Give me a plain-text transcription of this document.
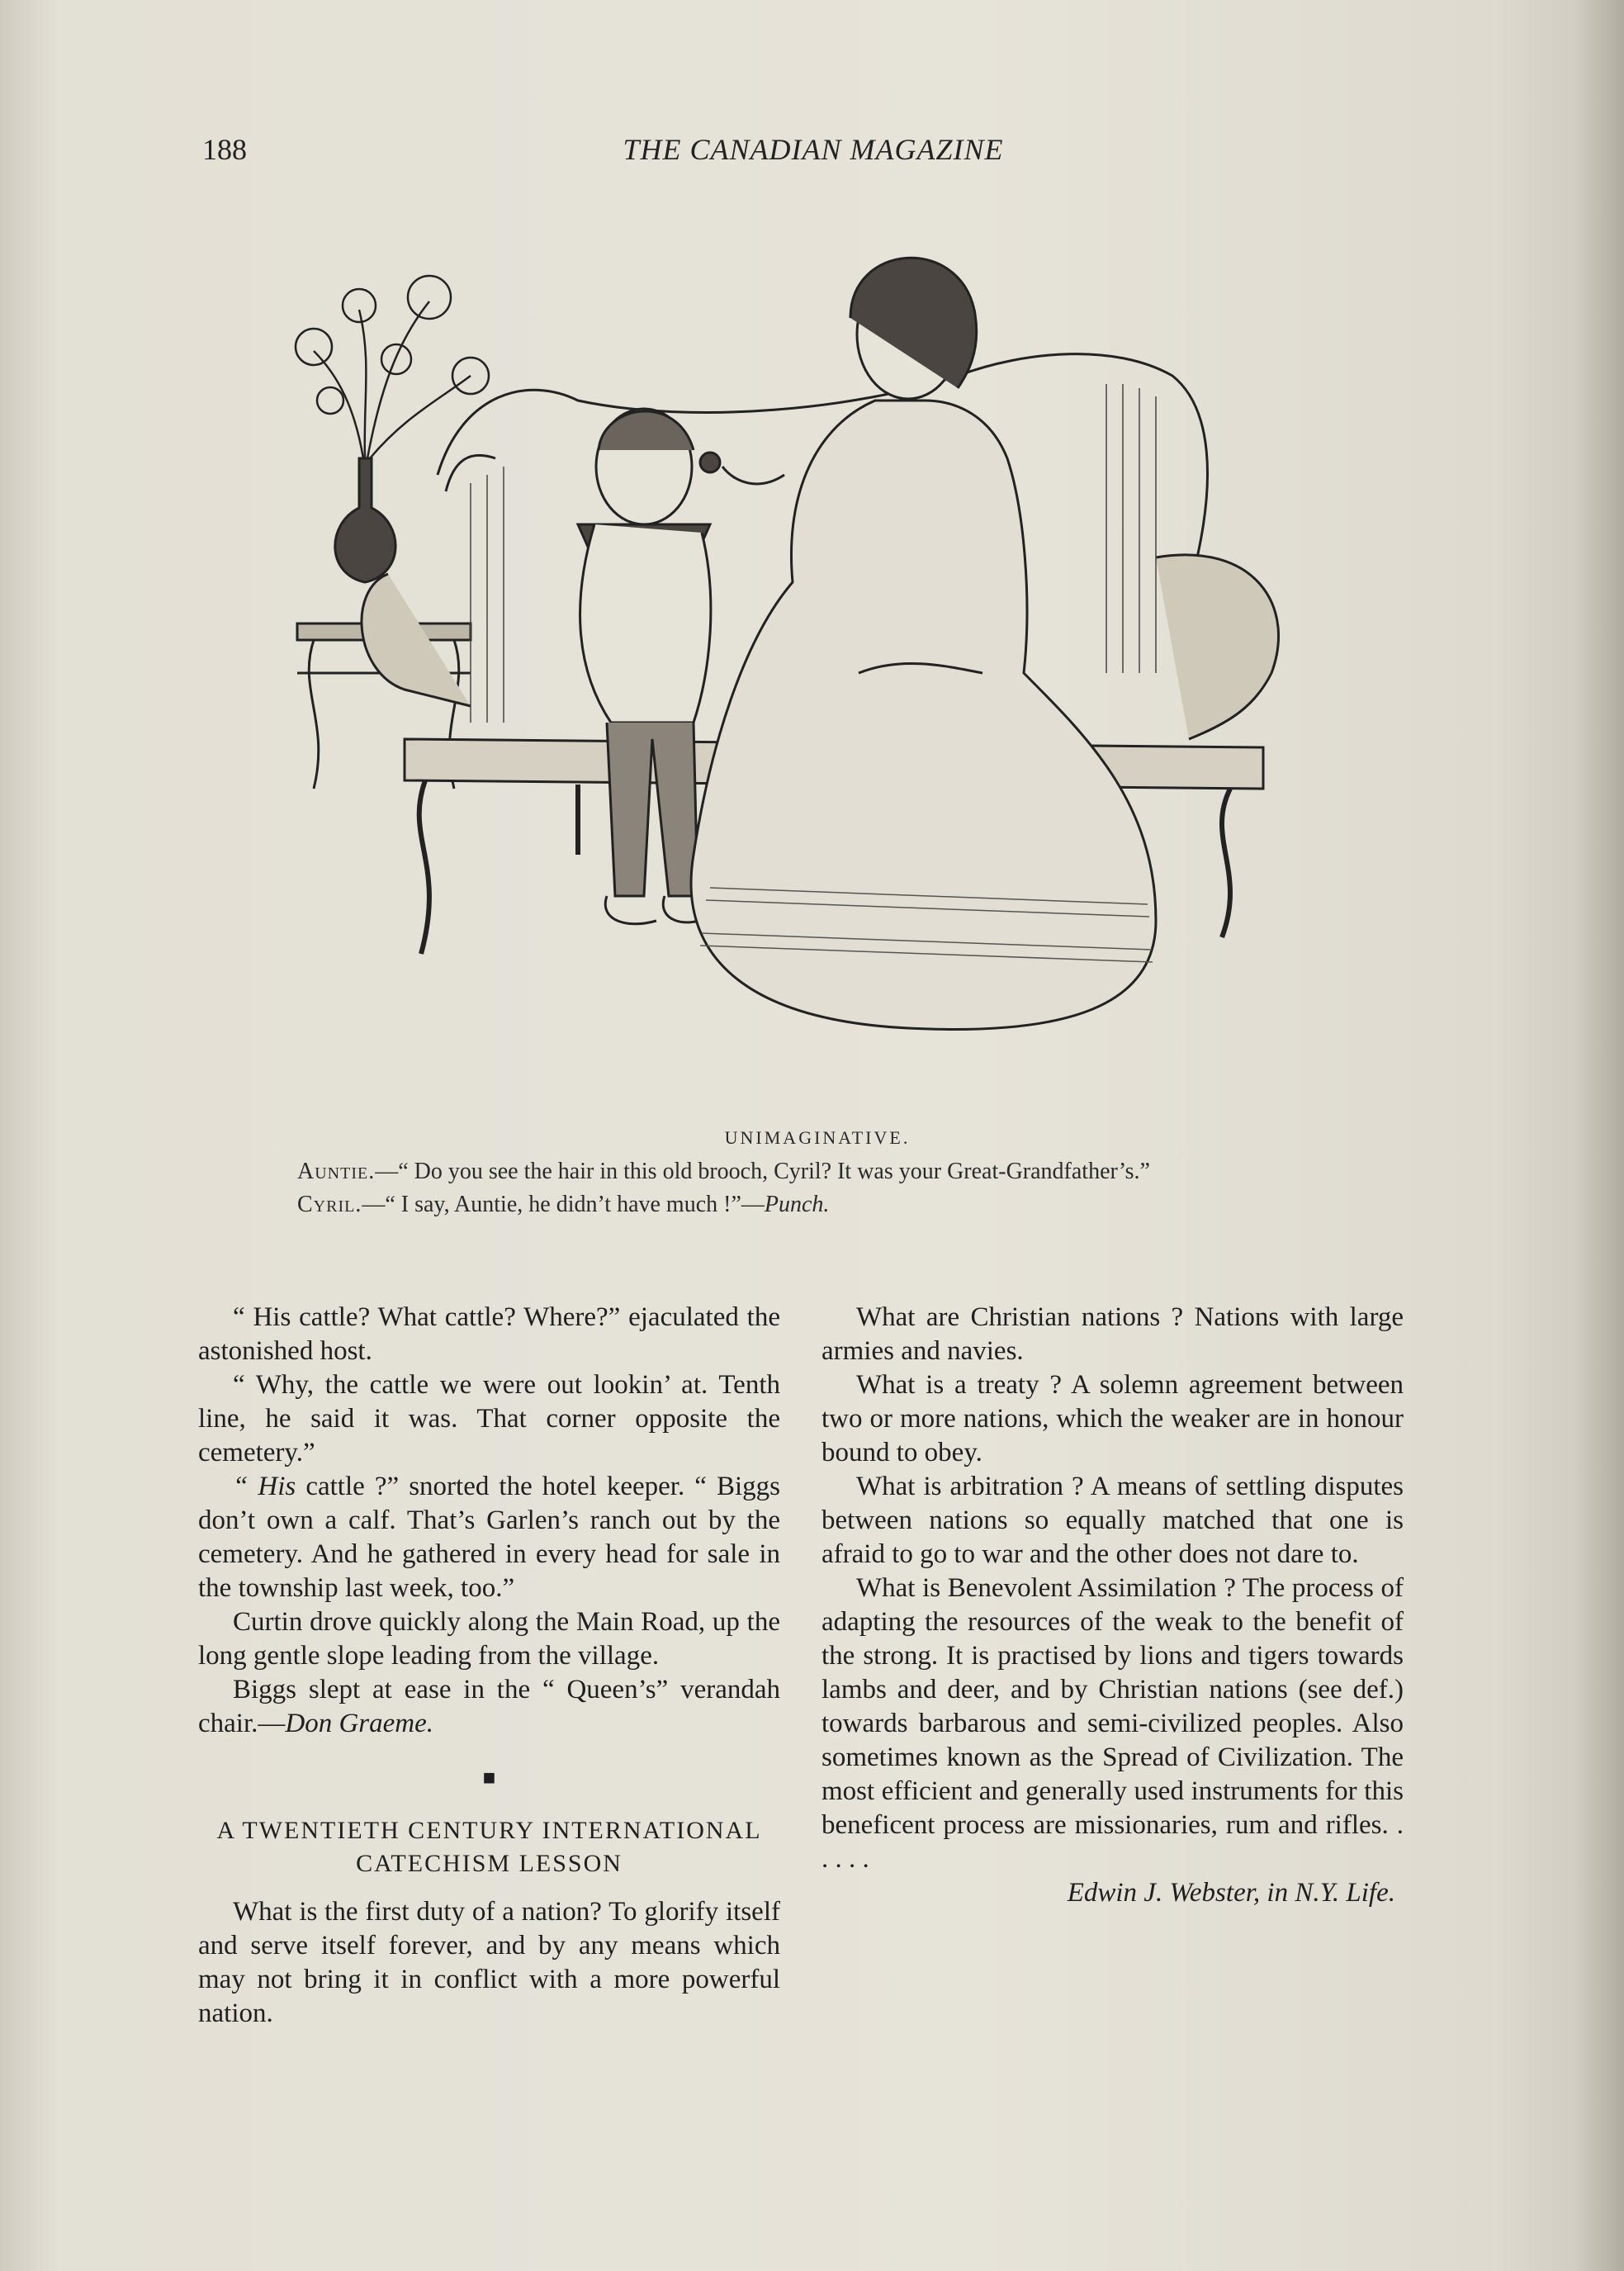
188	THE CANADIAN MAGAZINE
UNIMAGINATIVE.
Auntie.—“ Do you see the hair in this old brooch, Cyril? It was your Great-Grandfather’s.”
Cyril.—“ I say, Auntie, he didn’t have much !”—Punch.

“ His cattle? What cattle? Where?” ejaculated the astonished host.

“ Why, the cattle we were out lookin’ at. Tenth line, he said it was. That corner opposite the cemetery.”

“ His cattle ?” snorted the hotel keeper. “ Biggs don’t own a calf. That’s Garlen’s ranch out by the cemetery. And he gathered in every head for sale in the township last week, too.”

Curtin drove quickly along the Main Road, up the long gentle slope leading from the village.

Biggs slept at ease in the “ Queen’s” verandah chair.—Don Graeme.

■
A TWENTIETH CENTURY INTERNATIONAL CATECHISM LESSON

What is the first duty of a nation? To glorify itself and serve itself forever, and by any means which may not bring it in conflict with a more powerful nation.

What are Christian nations ? Nations with large armies and navies.

What is a treaty ? A solemn agreement between two or more nations, which the weaker are in honour bound to obey.

What is arbitration ? A means of settling disputes between nations so equally matched that one is afraid to go to war and the other does not dare to.

What is Benevolent Assimilation ? The process of adapting the resources of the weak to the benefit of the strong. It is practised by lions and tigers towards lambs and deer, and by Christian nations (see def.) towards barbarous and semi-civilized peoples. Also sometimes known as the Spread of Civilization. The most efficient and generally used instruments for this beneficent process are missionaries, rum and rifles. . . . . .

Edwin J. Webster, in N.Y. Life.
